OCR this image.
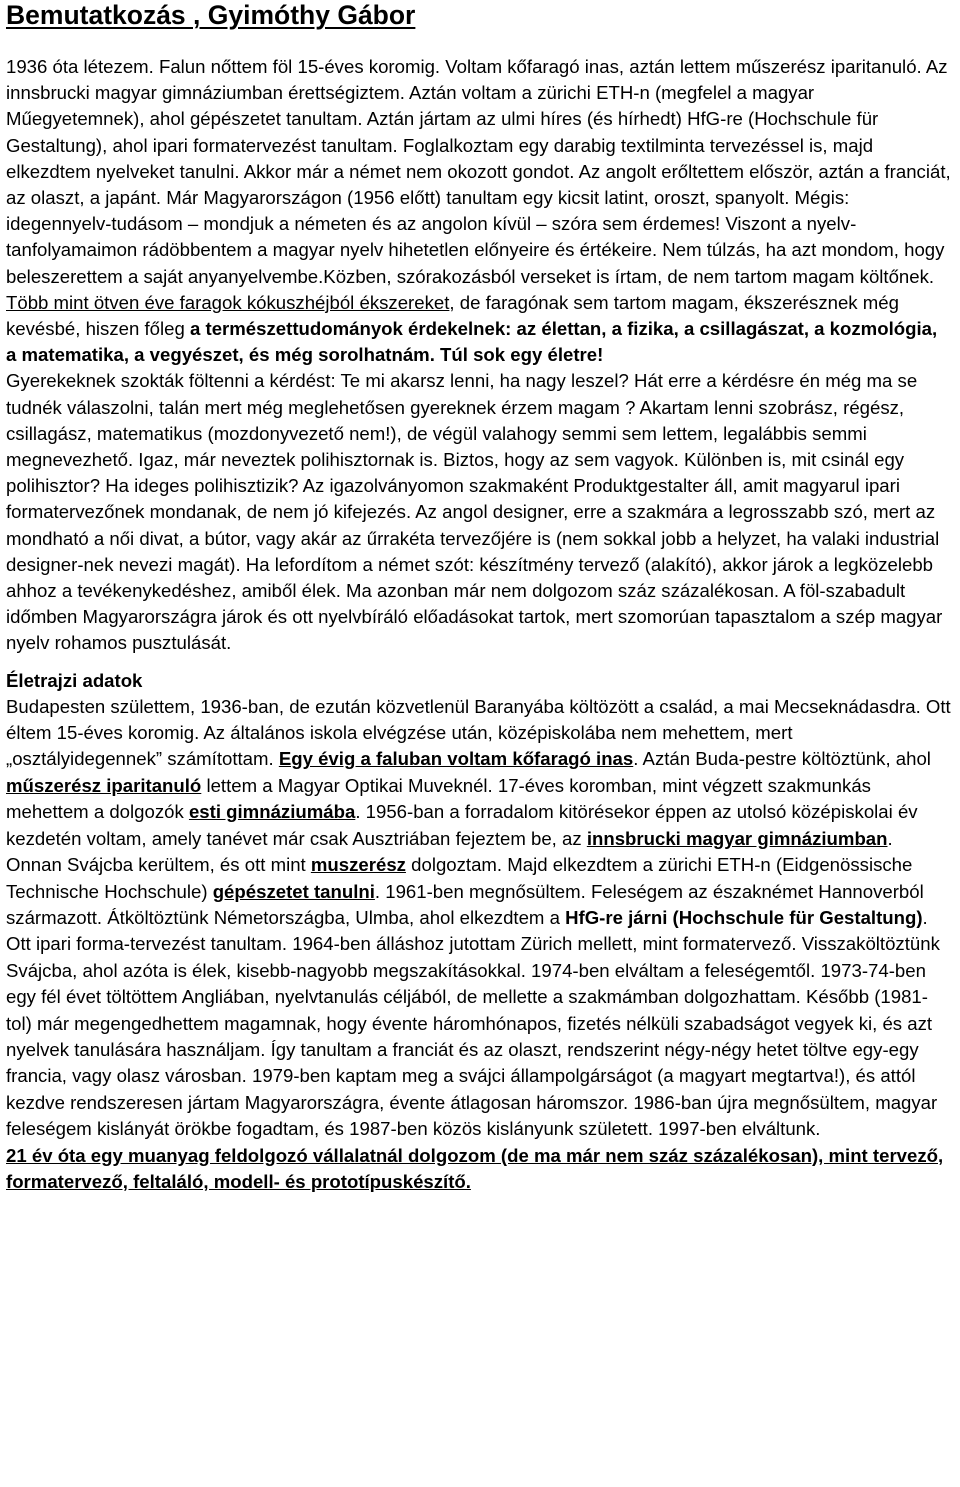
Bemutatkozás , Gyimóthy Gábor

1936 óta létezem. Falun nőttem föl 15-éves koromig. Voltam kőfaragó inas, aztán lettem műszerész iparitanuló. Az innsbrucki magyar gimnáziumban érettségiztem. Aztán voltam a zürichi ETH-n (megfelel a magyar Műegyetemnek), ahol gépészetet tanultam. Aztán jártam az ulmi híres (és hírhedt) HfG-re (Hochschule für Gestaltung), ahol ipari formatervezést tanultam. Foglalkoztam egy darabig textilminta tervezéssel is, majd elkezdtem nyelveket tanulni. Akkor már a német nem okozott gondot. Az angolt erőltettem először, aztán a franciát, az olaszt, a japánt. Már Magyarországon (1956 előtt) tanultam egy kicsit latint, oroszt, spanyolt. Mégis: idegennyelv-tudásom – mondjuk a németen és az angolon kívül – szóra sem érdemes! Viszont a nyelv-tanfolyamaimon rádöbbentem a magyar nyelv hihetetlen előnyeire és értékeire. Nem túlzás, ha azt mondom, hogy beleszerettem a saját anyanyelvembe.Közben, szórakozásból verseket is írtam, de nem tartom magam költőnek.
Több mint ötven éve faragok kókuszhéjból ékszereket, de faragónak sem tartom magam, ékszerésznek még kevésbé, hiszen főleg a természettudományok érdekelnek: az élettan, a fizika, a csillagászat, a kozmológia, a matematika, a vegyészet, és még sorolhatnám. Túl sok egy életre!
Gyerekeknek szokták föltenni a kérdést: Te mi akarsz lenni, ha nagy leszel? Hát erre a kérdésre én még ma se tudnék válaszolni, talán mert még meglehetősen gyereknek érzem magam ? Akartam lenni szobrász, régész, csillagász, matematikus (mozdonyvezető nem!), de végül valahogy semmi sem lettem, legalábbis semmi megnevezhető. Igaz, már neveztek polihisztornak is. Biztos, hogy az sem vagyok. Különben is, mit csinál egy polihisztor? Ha ideges polihisztizik? Az igazolványomon szakmaként Produktgestalter áll, amit magyarul ipari formatervezőnek mondanak, de nem jó kifejezés. Az angol designer, erre a szakmára a legrosszabb szó, mert az mondható a női divat, a bútor, vagy akár az űrrakéta tervezőjére is (nem sokkal jobb a helyzet, ha valaki industrial designer-nek nevezi magát). Ha lefordítom a német szót: készítmény tervező (alakító), akkor járok a legközelebb ahhoz a tevékenykedéshez, amiből élek. Ma azonban már nem dolgozom száz százalékosan. A föl-szabadult időmben Magyarországra járok és ott nyelvbíráló előadásokat tartok, mert szomorúan tapasztalom a szép magyar nyelv rohamos pusztulását.

Életrajzi adatok

Budapesten születtem, 1936-ban, de ezután közvetlenül Baranyába költözött a család, a mai Mecseknádasdra. Ott éltem 15-éves koromig. Az általános iskola elvégzése után, középiskolába nem mehettem, mert „osztályidegennek” számítottam. Egy évig a faluban voltam kőfaragó inas. Aztán Buda-pestre költöztünk, ahol műszerész iparitanuló lettem a Magyar Optikai Muveknél. 17-éves koromban, mint végzett szakmunkás mehettem a dolgozók esti gimnáziumába. 1956-ban a forradalom kitörésekor éppen az utolsó középiskolai év kezdetén voltam, amely tanévet már csak Ausztriában fejeztem be, az innsbrucki magyar gimnáziumban. Onnan Svájcba kerültem, és ott mint muszerész dolgoztam. Majd elkezdtem a zürichi ETH-n (Eidgenössische Technische Hochschule) gépészetet tanulni. 1961-ben megnősültem. Feleségem az északnémet Hannoverból származott. Átköltöztünk Németországba, Ulmba, ahol elkezdtem a HfG-re járni (Hochschule für Gestaltung). Ott ipari forma-tervezést tanultam. 1964-ben álláshoz jutottam Zürich mellett, mint formatervező. Visszaköltöztünk Svájcba, ahol azóta is élek, kisebb-nagyobb megszakításokkal. 1974-ben elváltam a feleségemtől. 1973-74-ben egy fél évet töltöttem Angliában, nyelvtanulás céljából, de mellette a szakmámban dolgozhattam. Később (1981-tol) már megengedhettem magamnak, hogy évente háromhónapos, fizetés nélküli szabadságot vegyek ki, és azt nyelvek tanulására használjam. Így tanultam a franciát és az olaszt, rendszerint négy-négy hetet töltve egy-egy francia, vagy olasz városban. 1979-ben kaptam meg a svájci állampolgárságot (a magyart megtartva!), és attól kezdve rendszeresen jártam Magyarországra, évente átlagosan háromszor. 1986-ban újra megnősültem, magyar feleségem kislányát örökbe fogadtam, és 1987-ben közös kislányunk született. 1997-ben elváltunk.
21 év óta egy muanyag feldolgozó vállalatnál dolgozom (de ma már nem száz százalékosan), mint tervező, formatervező, feltaláló, modell- és prototípuskészítő.
